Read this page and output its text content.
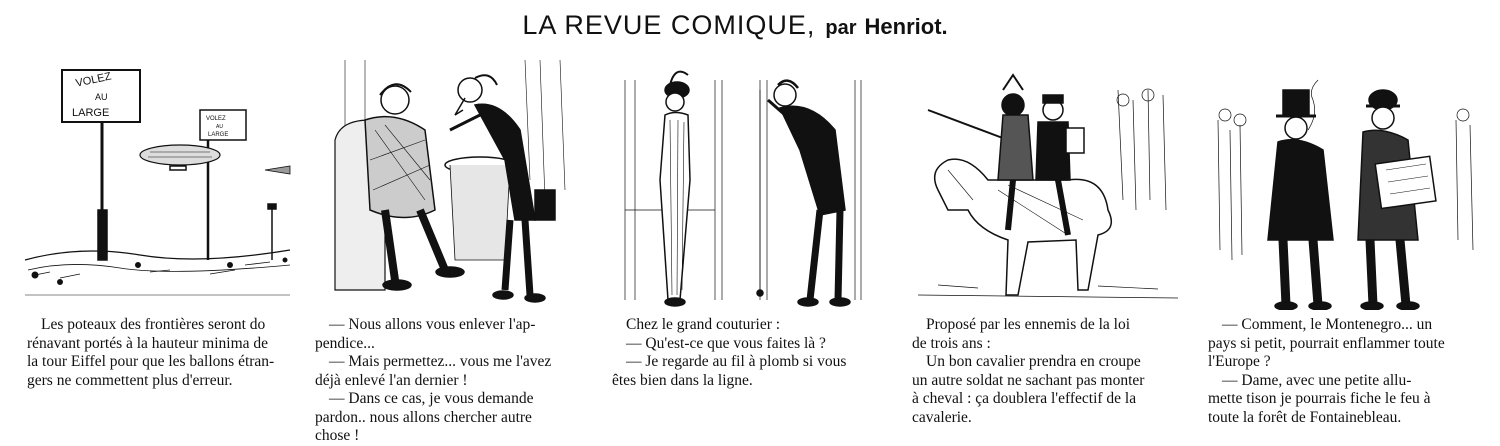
LA REVUE COMIQUE, par Henriot.
VOLEZ
AU
LARGE	VOLEZ
AU
LARGE

Les poteaux des frontières seront do

rénavant portés à la hauteur minima de

la tour Eiffel pour que les ballons étran-

gers ne commettent plus d'erreur.

— Nous allons vous enlever l'ap-

pendice...

— Mais permettez... vous me l'avez

déjà enlevé l'an dernier !

— Dans ce cas, je vous demande

pardon.. nous allons chercher autre

chose !

Chez le grand couturier :

— Qu'est-ce que vous faites là ?

— Je regarde au fil à plomb si vous

êtes bien dans la ligne.

Proposé par les ennemis de la loi

de trois ans :

Un bon cavalier prendra en croupe

un autre soldat ne sachant pas monter

à cheval : ça doublera l'effectif de la

cavalerie.

— Comment, le Montenegro... un

pays si petit, pourrait enflammer toute

l'Europe ?

— Dame, avec une petite allu-

mette tison je pourrais fiche le feu à

toute la forêt de Fontainebleau.
